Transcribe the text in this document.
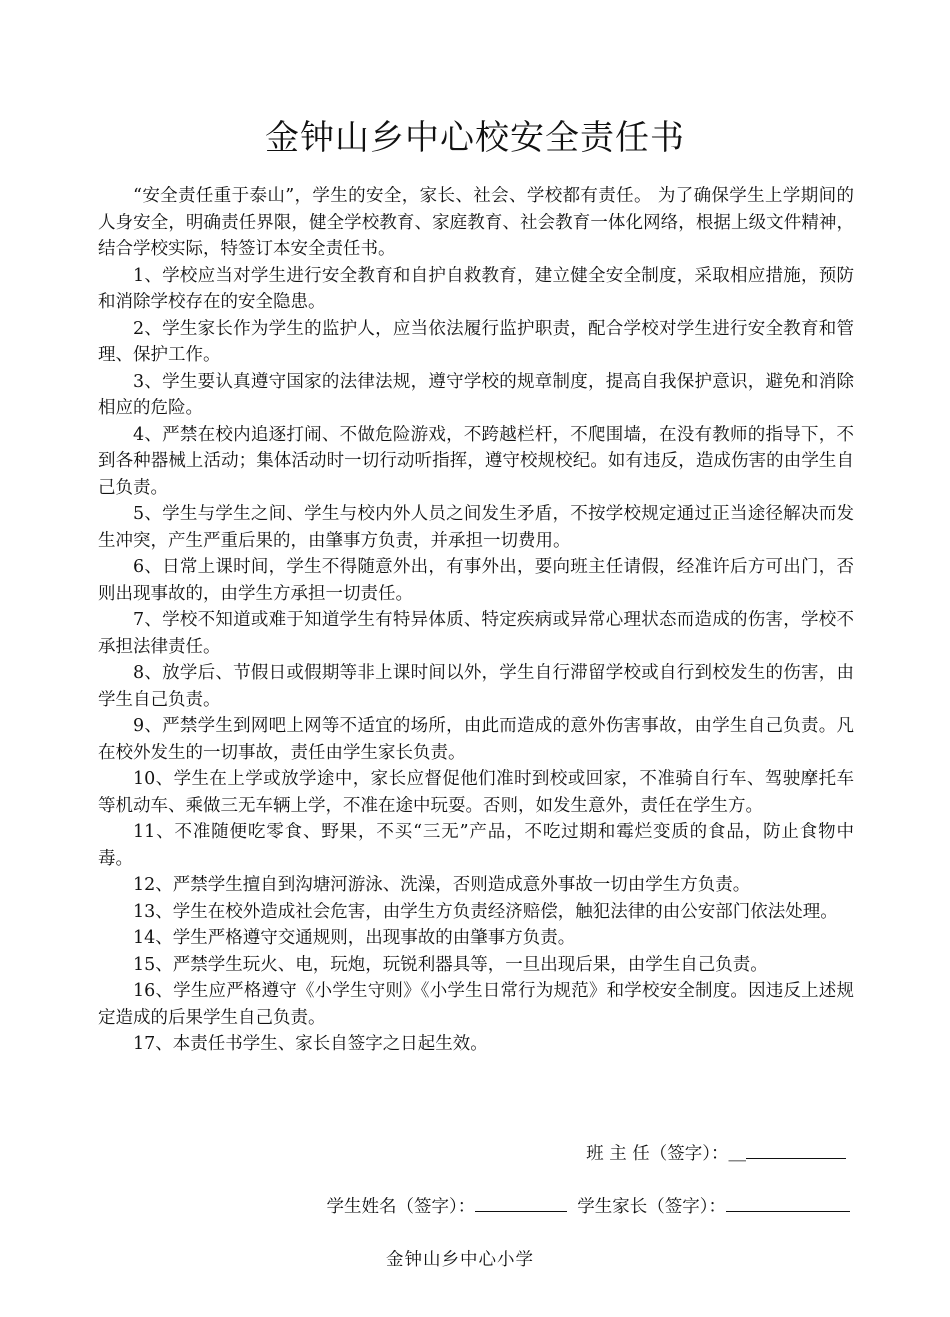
金钟山乡中心校安全责任书

“安全责任重于泰山”，学生的安全，家长、社会、学校都有责任。 为了确保学生上学期间的人身安全，明确责任界限，健全学校教育、家庭教育、社会教育一体化网络，根据上级文件精神，结合学校实际，特签订本安全责任书。

1、学校应当对学生进行安全教育和自护自救教育，建立健全安全制度，采取相应措施，预防和消除学校存在的安全隐患。

2、学生家长作为学生的监护人，应当依法履行监护职责，配合学校对学生进行安全教育和管理、保护工作。

3、学生要认真遵守国家的法律法规，遵守学校的规章制度，提高自我保护意识，避免和消除相应的危险。

4、严禁在校内追逐打闹、不做危险游戏，不跨越栏杆，不爬围墙，在没有教师的指导下，不到各种器械上活动；集体活动时一切行动听指挥，遵守校规校纪。如有违反，造成伤害的由学生自己负责。

5、学生与学生之间、学生与校内外人员之间发生矛盾，不按学校规定通过正当途径解决而发生冲突，产生严重后果的，由肇事方负责，并承担一切费用。

6、日常上课时间，学生不得随意外出，有事外出，要向班主任请假，经准许后方可出门，否则出现事故的，由学生方承担一切责任。

7、学校不知道或难于知道学生有特异体质、特定疾病或异常心理状态而造成的伤害，学校不承担法律责任。

8、放学后、节假日或假期等非上课时间以外，学生自行滞留学校或自行到校发生的伤害，由学生自己负责。

9、严禁学生到网吧上网等不适宜的场所，由此而造成的意外伤害事故，由学生自己负责。凡在校外发生的一切事故，责任由学生家长负责。

10、学生在上学或放学途中，家长应督促他们准时到校或回家，不准骑自行车、驾驶摩托车等机动车、乘做三无车辆上学，不准在途中玩耍。否则，如发生意外，责任在学生方。

11、不准随便吃零食、野果，不买“三无”产品，不吃过期和霉烂变质的食品，防止食物中毒。

12、严禁学生擅自到沟塘河游泳、洗澡，否则造成意外事故一切由学生方负责。

13、学生在校外造成社会危害，由学生方负责经济赔偿，触犯法律的由公安部门依法处理。

14、学生严格遵守交通规则，出现事故的由肇事方负责。

15、严禁学生玩火、电，玩炮，玩锐利器具等，一旦出现后果，由学生自己负责。

16、学生应严格遵守《小学生守则》《小学生日常行为规范》和学校安全制度。因违反上述规定造成的后果学生自己负责。

17、本责任书学生、家长自签字之日起生效。

班 主 任（签字）：＿
学生姓名（签字）：	学生家长（签字）：
金钟山乡中心小学
